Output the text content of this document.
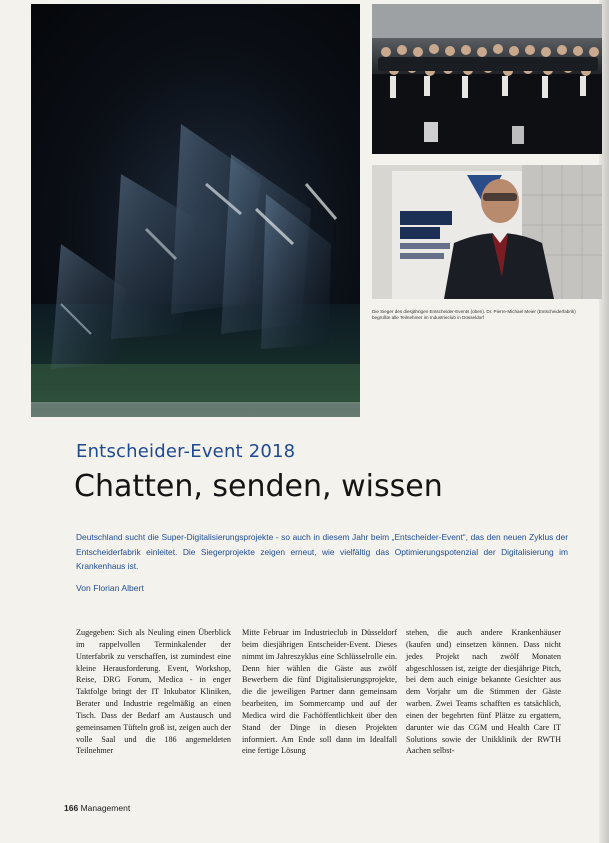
Die Sieger des diesjährigen Entscheider-Events (oben). Dr. Pierre-Michael Meier (Entscheiderfabrik) begrüßte alle Teilnehmer im Industrieclub in Düsseldorf

Entscheider-Event 2018
Chatten, senden, wissen

Deutschland sucht die Super-Digitalisierungsprojekte - so auch in diesem Jahr beim „Entscheider-Event“, das den neuen Zyklus der Entscheiderfabrik einleitet. Die Siegerprojekte zeigen erneut, wie vielfältig das Optimierungspotenzial der Digitalisierung im Krankenhaus ist.

Von Florian Albert

Zugegeben: Sich als Neuling einen Überblick im rappelvollen Terminkalender der Unterfabrik zu verschaffen, ist zumindest eine kleine Herausforderung. Event, Workshop, Reise, DRG Forum, Medica - in enger Taktfolge bringt der IT Inkubator Kliniken, Berater und Industrie regelmäßig an einen Tisch. Dass der Bedarf am Austausch und gemeinsamen Tüfteln groß ist, zeigen auch der volle Saal und die 186 angemeldeten Teilnehmer

Mitte Februar im Industrieclub in Düsseldorf beim diesjährigen Entscheider-Event. Dieses nimmt im Jahreszyklus eine Schlüsselrolle ein. Denn hier wählen die Gäste aus zwölf Bewerbern die fünf Digitalisierungsprojekte, die die jeweiligen Partner dann gemeinsam bearbeiten, im Sommercamp und auf der Medica wird die Fachöffentlichkeit über den Stand der Dinge in diesen Projekten informiert. Am Ende soll dann im Idealfall eine fertige Lösung

stehen, die auch andere Krankenhäuser (kaufen und) einsetzen können. Dass nicht jedes Projekt nach zwölf Monaten abgeschlossen ist, zeigte der diesjährige Pitch, bei dem auch einige bekannte Gesichter aus dem Vorjahr um die Stimmen der Gäste warben. Zwei Teams schafften es tatsächlich, einen der begehrten fünf Plätze zu ergattern, darunter wie das CGM und Health Care IT Solutions sowie der Unikklinik der RWTH Aachen selbst-

166 Management
